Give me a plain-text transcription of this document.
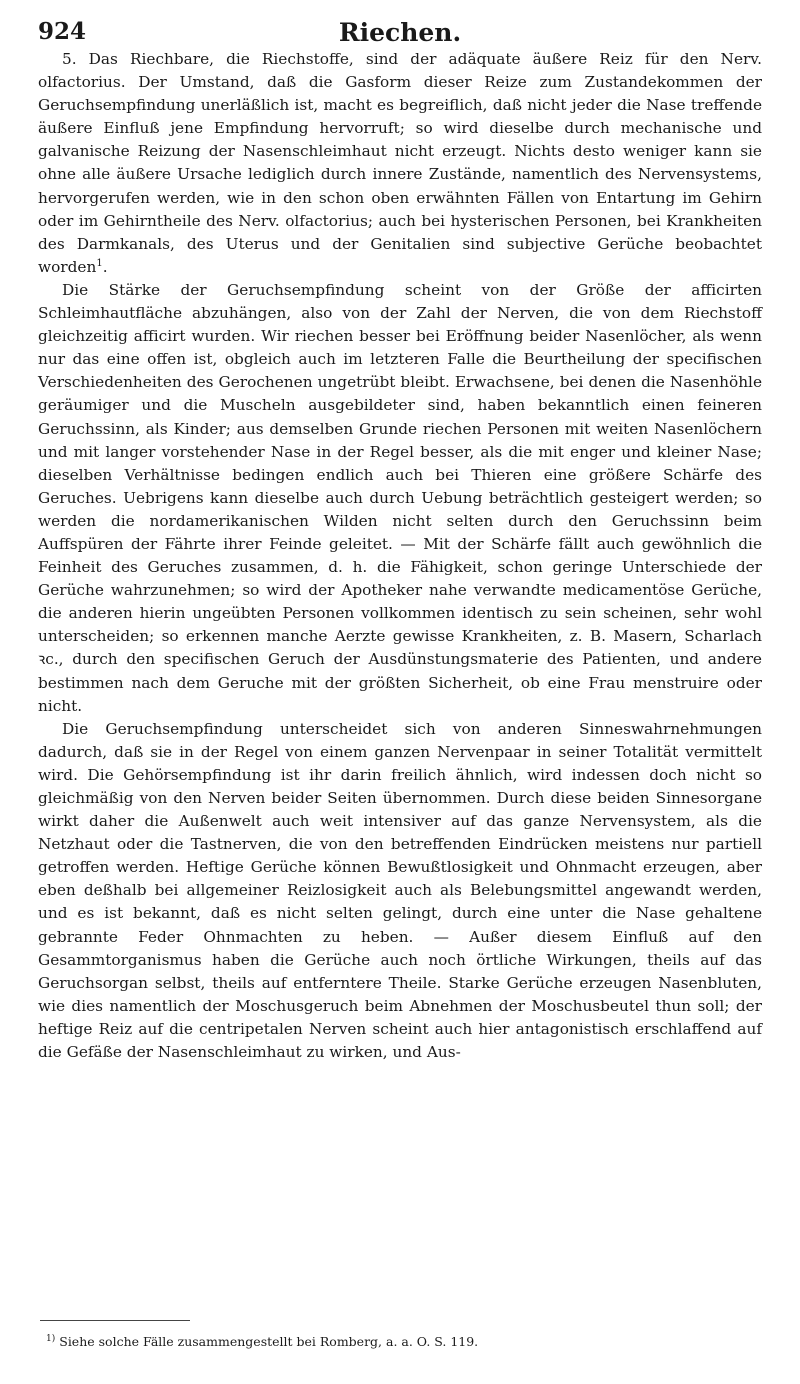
924	Riechen.

5. Das Riechbare, die Riechstoffe, sind der adäquate äußere Reiz für den Nerv. olfactorius. Der Umstand, daß die Gasform dieser Reize zum Zustandekommen der Geruchsempfindung unerläßlich ist, macht es begreiflich, daß nicht jeder die Nase treffende äußere Einfluß jene Empfindung hervorruft; so wird dieselbe durch mechanische und galvanische Reizung der Nasenschleimhaut nicht erzeugt. Nichts desto weniger kann sie ohne alle äußere Ursache lediglich durch innere Zustände, namentlich des Nervensystems, hervorgerufen werden, wie in den schon oben erwähnten Fällen von Entartung im Gehirn oder im Gehirntheile des Nerv. olfactorius; auch bei hysterischen Personen, bei Krankheiten des Darmkanals, des Uterus und der Genitalien sind subjective Gerüche beobachtet worden$^1$.

Die Stärke der Geruchsempfindung scheint von der Größe der afficirten Schleimhautfläche abzuhängen, also von der Zahl der Nerven, die von dem Riechstoff gleichzeitig afficirt wurden. Wir riechen besser bei Eröffnung beider Nasenlöcher, als wenn nur das eine offen ist, obgleich auch im letzteren Falle die Beurtheilung der specifischen Verschiedenheiten des Gerochenen ungetrübt bleibt. Erwachsene, bei denen die Nasenhöhle geräumiger und die Muscheln ausgebildeter sind, haben bekanntlich einen feineren Geruchssinn, als Kinder; aus demselben Grunde riechen Personen mit weiten Nasenlöchern und mit langer vorstehender Nase in der Regel besser, als die mit enger und kleiner Nase; dieselben Verhältnisse bedingen endlich auch bei Thieren eine größere Schärfe des Geruches. Uebrigens kann dieselbe auch durch Uebung beträchtlich gesteigert werden; so werden die nordamerikanischen Wilden nicht selten durch den Geruchssinn beim Auffspüren der Fährte ihrer Feinde geleitet. — Mit der Schärfe fällt auch gewöhnlich die Feinheit des Geruches zusammen, d. h. die Fähigkeit, schon geringe Unterschiede der Gerüche wahrzunehmen; so wird der Apotheker nahe verwandte medicamentöse Gerüche, die anderen hierin ungeübten Personen vollkommen identisch zu sein scheinen, sehr wohl unterscheiden; so erkennen manche Aerzte gewisse Krankheiten, z. B. Masern, Scharlach ꝛc., durch den specifischen Geruch der Ausdünstungsmaterie des Patienten, und andere bestimmen nach dem Geruche mit der größten Sicherheit, ob eine Frau menstruire oder nicht.

Die Geruchsempfindung unterscheidet sich von anderen Sinneswahrnehmungen dadurch, daß sie in der Regel von einem ganzen Nervenpaar in seiner Totalität vermittelt wird. Die Gehörsempfindung ist ihr darin freilich ähnlich, wird indessen doch nicht so gleichmäßig von den Nerven beider Seiten übernommen. Durch diese beiden Sinnesorgane wirkt daher die Außenwelt auch weit intensiver auf das ganze Nervensystem, als die Netzhaut oder die Tastnerven, die von den betreffenden Eindrücken meistens nur partiell getroffen werden. Heftige Gerüche können Bewußtlosigkeit und Ohnmacht erzeugen, aber eben deßhalb bei allgemeiner Reizlosigkeit auch als Belebungsmittel angewandt werden, und es ist bekannt, daß es nicht selten gelingt, durch eine unter die Nase gehaltene gebrannte Feder Ohnmachten zu heben. — Außer diesem Einfluß auf den Gesammtorganismus haben die Gerüche auch noch örtliche Wirkungen, theils auf das Geruchsorgan selbst, theils auf entferntere Theile. Starke Gerüche erzeugen Nasenbluten, wie dies namentlich der Moschusgeruch beim Abnehmen der Moschusbeutel thun soll; der heftige Reiz auf die centripetalen Nerven scheint auch hier antagonistisch erschlaffend auf die Gefäße der Nasenschleimhaut zu wirken, und Aus-

$^{1)}$ Siehe solche Fälle zusammengestellt bei Romberg, a. a. O. S. 119.
